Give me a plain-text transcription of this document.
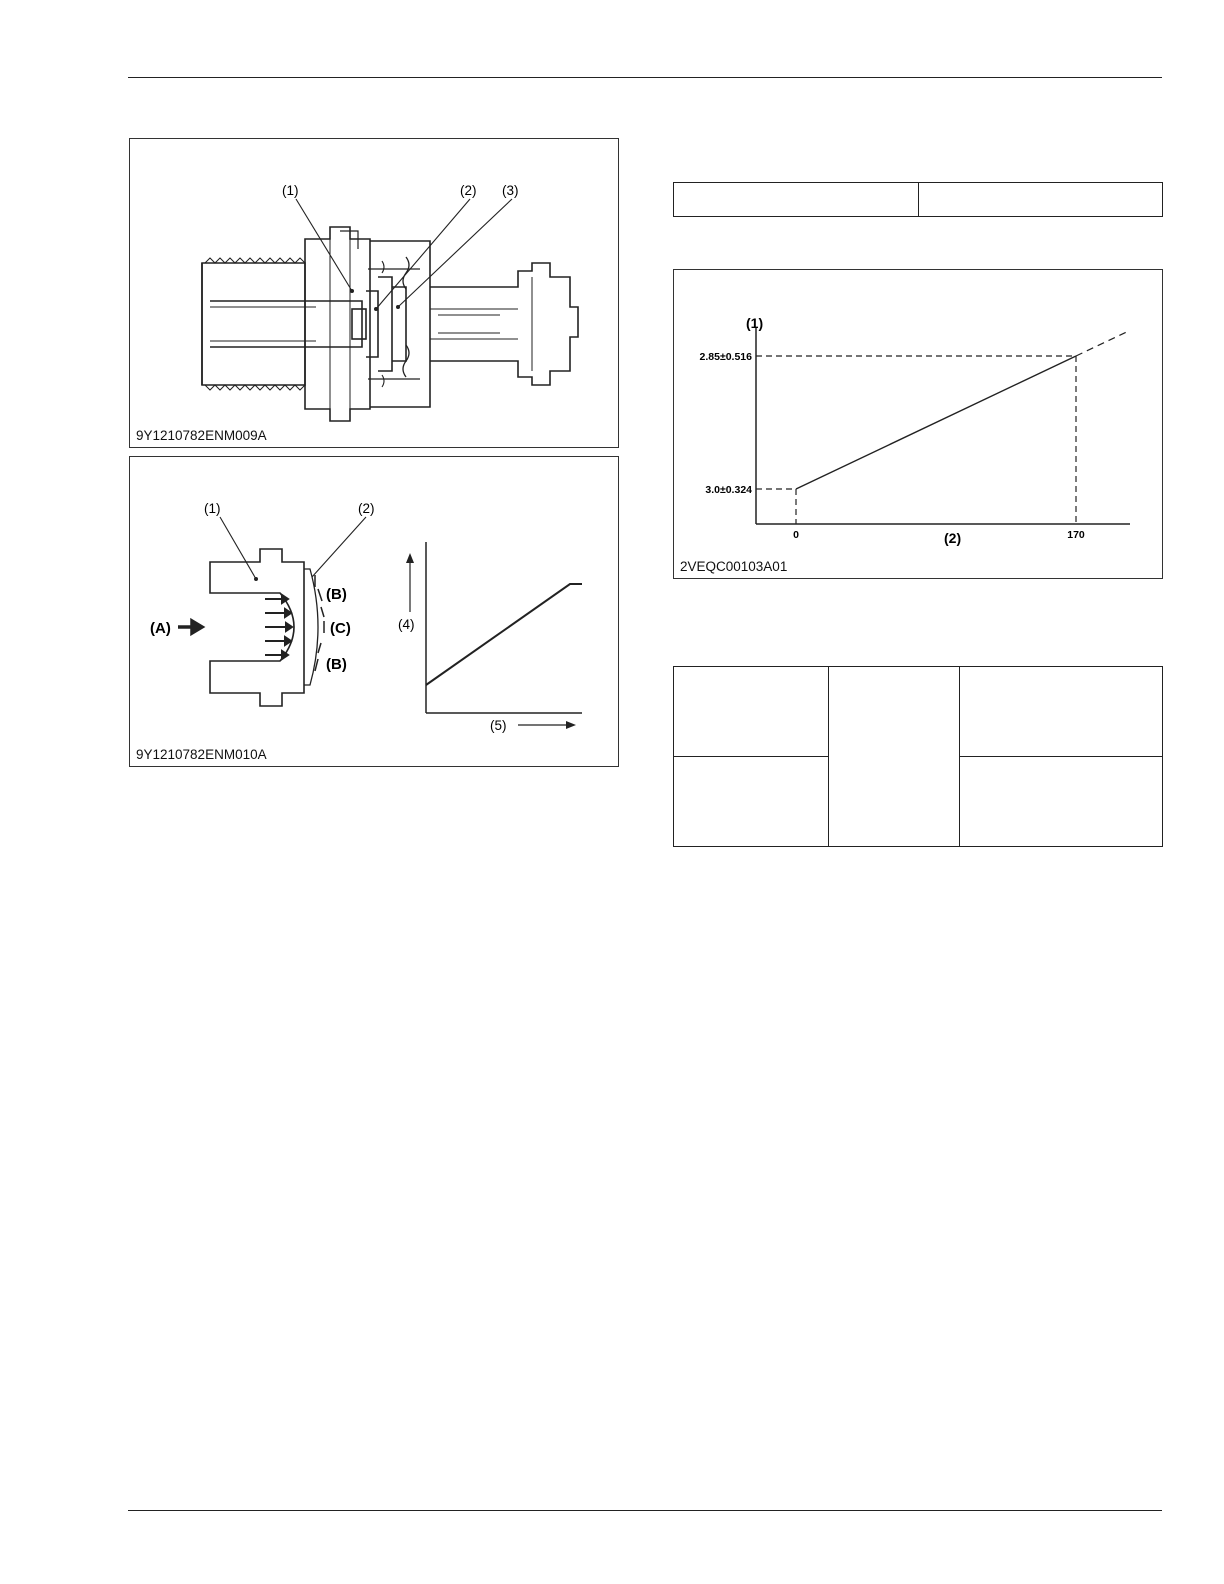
(1)	(2) (3)
9Y1210782ENM009A
(A)
(B)
(C)
(B)
(1)	(2)
(4)
(5)
9Y1210782ENM010A

3.0±0.324
2.85±0.516
0	170
(1)
(2)
2VEQC00103A01
